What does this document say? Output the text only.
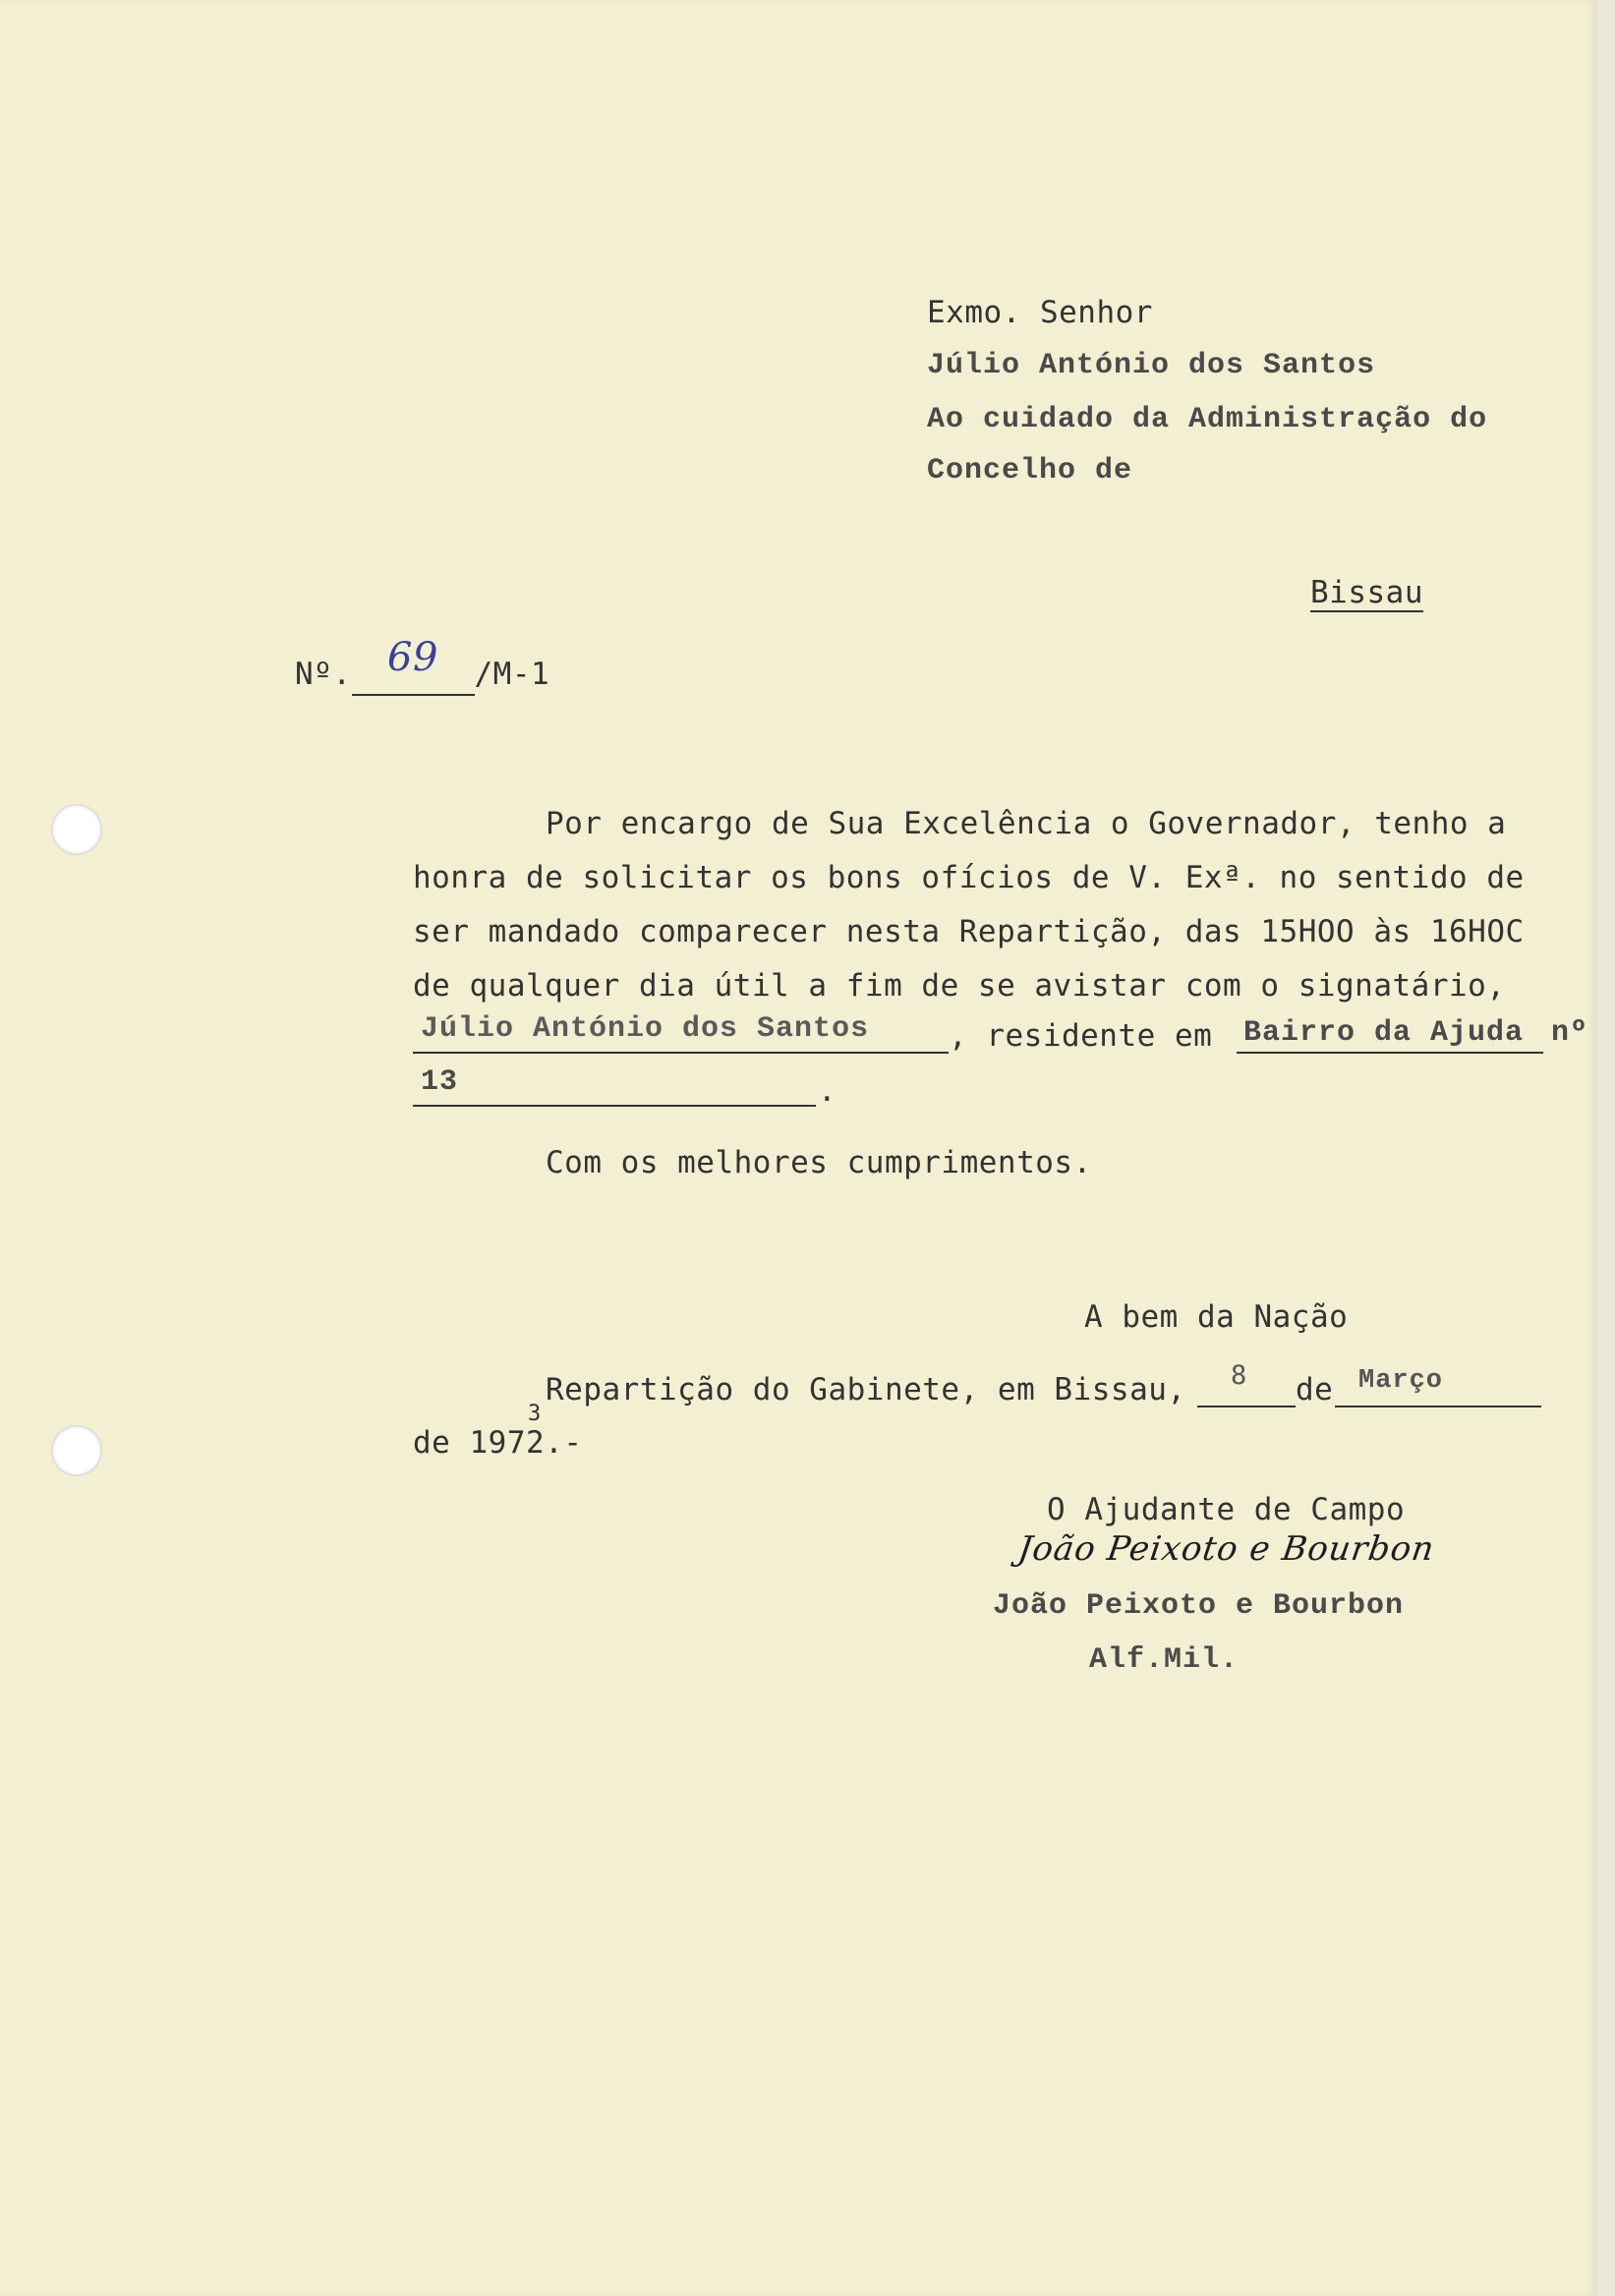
Exmo. Senhor
Júlio António dos Santos
Ao cuidado da Administração do
Concelho de
Bissau
Nº. 69 /M-1
Por encargo de Sua Excelência o Governador, tenho a
honra de solicitar os bons ofícios de V. Exª. no sentido de
ser mandado comparecer nesta Repartição, das 15HOO às 16HOC
de qualquer dia útil a fim de se avistar com o signatário,
Júlio António dos Santos	, residente em Bairro da Ajuda nº
13	.
Com os melhores cumprimentos.
A bem da Nação
Repartição do Gabinete, em Bissau, 8 de Março
de 197
3
2.-
O Ajudante de Campo
João Peixoto e Bourbon
João Peixoto e Bourbon
Alf.Mil.
